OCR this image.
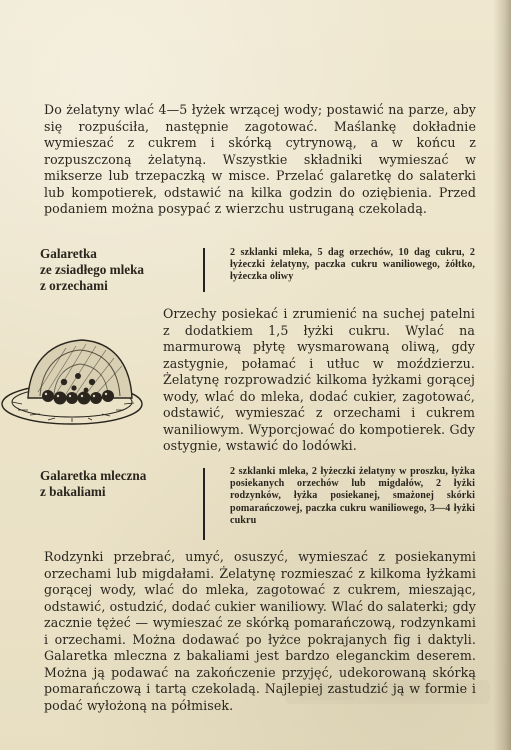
Do żelatyny wlać 4—5 łyżek wrzącej wody; postawić na parze, aby się rozpuściła, następnie zagotować. Maślankę dokładnie wymieszać z cukrem i skórką cytrynową, a w końcu z rozpuszczoną żelatyną. Wszystkie składniki wymieszać w mikserze lub trzepaczką w misce. Przelać galaretkę do salaterki lub kompotierek, odstawić na kilka godzin do oziębienia. Przed podaniem można posypać z wierzchu ustruganą czekoladą.

Galaretka
ze zsiadłego mleka
z orzechami

2 szklanki mleka, 5 dag orzechów, 10 dag cukru, 2 łyżeczki żelatyny, paczka cukru waniliowego, żółtko, łyżeczka oliwy

Orzechy posiekać i zrumienić na suchej patelni z dodatkiem 1,5 łyżki cukru. Wylać na marmurową płytę wysmarowaną oliwą, gdy zastygnie, połamać i utłuc w moździerzu. Żelatynę rozprowadzić kilkoma łyżkami gorącej wody, wlać do mleka, dodać cukier, zagotować, odstawić, wymieszać z orzechami i cukrem waniliowym. Wyporcjować do kompotierek. Gdy ostygnie, wstawić do lodówki.

Galaretka mleczna
z bakaliami

2 szklanki mleka, 2 łyżeczki żelatyny w proszku, łyżka posiekanych orzechów lub migdałów, 2 łyżki rodzynków, łyżka posiekanej, smażonej skórki pomarańczowej, paczka cukru waniliowego, 3—4 łyżki cukru

Rodzynki przebrać, umyć, osuszyć, wymieszać z posiekanymi orzechami lub migdałami. Żelatynę rozmieszać z kilkoma łyżkami gorącej wody, wlać do mleka, zagotować z cukrem, mieszając, odstawić, ostudzić, dodać cukier waniliowy. Wlać do salaterki; gdy zacznie tężeć — wymieszać ze skórką pomarańczową, rodzynkami i orzechami. Można dodawać po łyżce pokrajanych fig i daktyli. Galaretka mleczna z bakaliami jest bardzo eleganckim deserem. Można ją podawać na zakończenie przyjęć, udekorowaną skórką pomarańczową i tartą czekoladą. Najlepiej zastudzić ją w formie i podać wyłożoną na półmisek.
